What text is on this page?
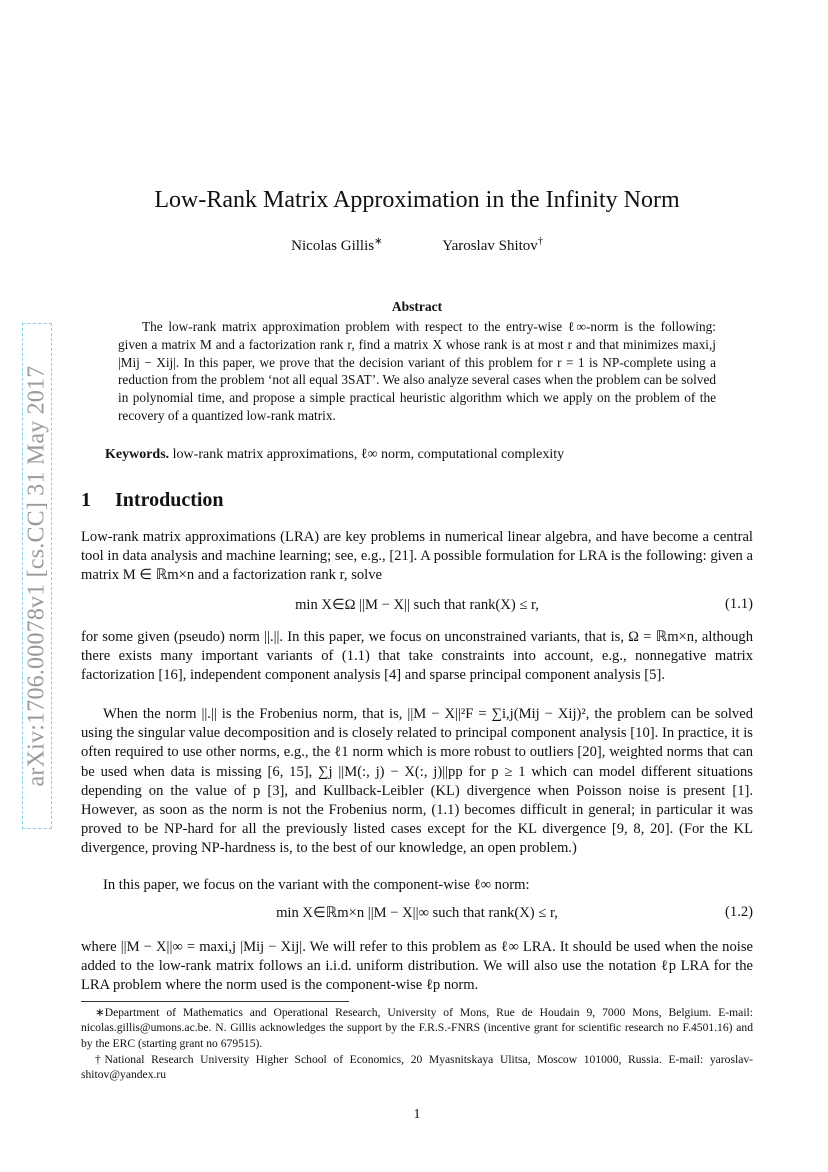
arXiv:1706.00078v1 [cs.CC] 31 May 2017
Low-Rank Matrix Approximation in the Infinity Norm
Nicolas Gillis∗	Yaroslav Shitov†
Abstract
The low-rank matrix approximation problem with respect to the entry-wise ℓ∞-norm is the following: given a matrix M and a factorization rank r, find a matrix X whose rank is at most r and that minimizes maxi,j |Mij − Xij|. In this paper, we prove that the decision variant of this problem for r = 1 is NP-complete using a reduction from the problem ‘not all equal 3SAT’. We also analyze several cases when the problem can be solved in polynomial time, and propose a simple practical heuristic algorithm which we apply on the problem of the recovery of a quantized low-rank matrix.
Keywords. low-rank matrix approximations, ℓ∞ norm, computational complexity
1 Introduction
Low-rank matrix approximations (LRA) are key problems in numerical linear algebra, and have become a central tool in data analysis and machine learning; see, e.g., [21]. A possible formulation for LRA is the following: given a matrix M ∈ ℝm×n and a factorization rank r, solve
min X∈Ω ||M − X|| such that rank(X) ≤ r,	(1.1)
for some given (pseudo) norm ||.||. In this paper, we focus on unconstrained variants, that is, Ω = ℝm×n, although there exists many important variants of (1.1) that take constraints into account, e.g., nonnegative matrix factorization [16], independent component analysis [4] and sparse principal component analysis [5].
When the norm ||.|| is the Frobenius norm, that is, ||M − X||²F = ∑i,j(Mij − Xij)², the problem can be solved using the singular value decomposition and is closely related to principal component analysis [10]. In practice, it is often required to use other norms, e.g., the ℓ1 norm which is more robust to outliers [20], weighted norms that can be used when data is missing [6, 15], ∑j ||M(:, j) − X(:, j)||pp for p ≥ 1 which can model different situations depending on the value of p [3], and Kullback-Leibler (KL) divergence when Poisson noise is present [1]. However, as soon as the norm is not the Frobenius norm, (1.1) becomes difficult in general; in particular it was proved to be NP-hard for all the previously listed cases except for the KL divergence [9, 8, 20]. (For the KL divergence, proving NP-hardness is, to the best of our knowledge, an open problem.)
In this paper, we focus on the variant with the component-wise ℓ∞ norm:
min X∈ℝm×n ||M − X||∞ such that rank(X) ≤ r,	(1.2)
where ||M − X||∞ = maxi,j |Mij − Xij|. We will refer to this problem as ℓ∞ LRA. It should be used when the noise added to the low-rank matrix follows an i.i.d. uniform distribution. We will also use the notation ℓp LRA for the LRA problem where the norm used is the component-wise ℓp norm.
∗Department of Mathematics and Operational Research, University of Mons, Rue de Houdain 9, 7000 Mons, Belgium. E-mail: nicolas.gillis@umons.ac.be. N. Gillis acknowledges the support by the F.R.S.-FNRS (incentive grant for scientific research no F.4501.16) and by the ERC (starting grant no 679515).
†National Research University Higher School of Economics, 20 Myasnitskaya Ulitsa, Moscow 101000, Russia. E-mail: yaroslav-shitov@yandex.ru
1
